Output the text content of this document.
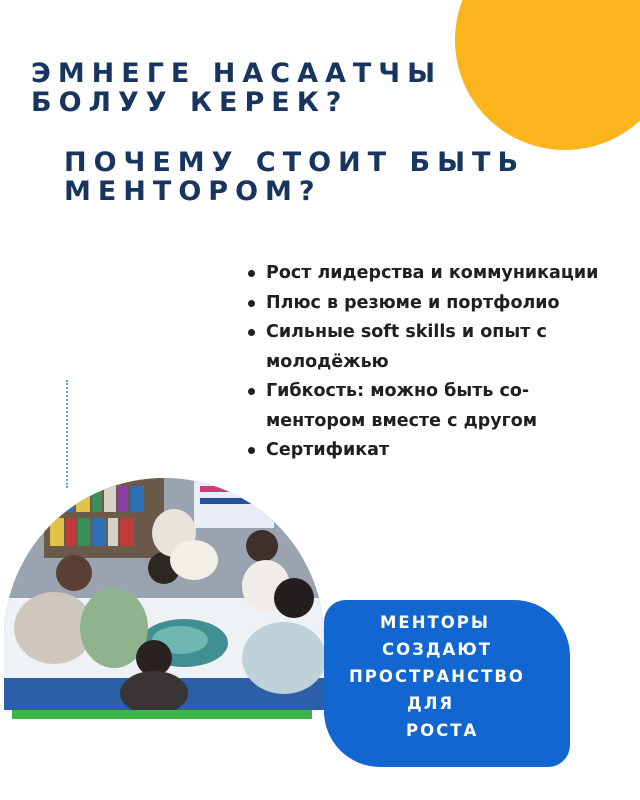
ЭМНЕГЕ НАСААТЧЫ
БОЛУУ КЕРЕК?
ПОЧЕМУ СТОИТ БЫТЬ
МЕНТОРОМ?
Рост лидерства и коммуникации
Плюс в резюме и портфолио
Сильные soft skills и опыт с
молодёжью
Гибкость: можно быть со-
ментором вместе с другом
Сертификат
МЕНТОРЫ
СОЗДАЮТ
ПРОСТРАНСТВО
ДЛЯ
РОСТА
